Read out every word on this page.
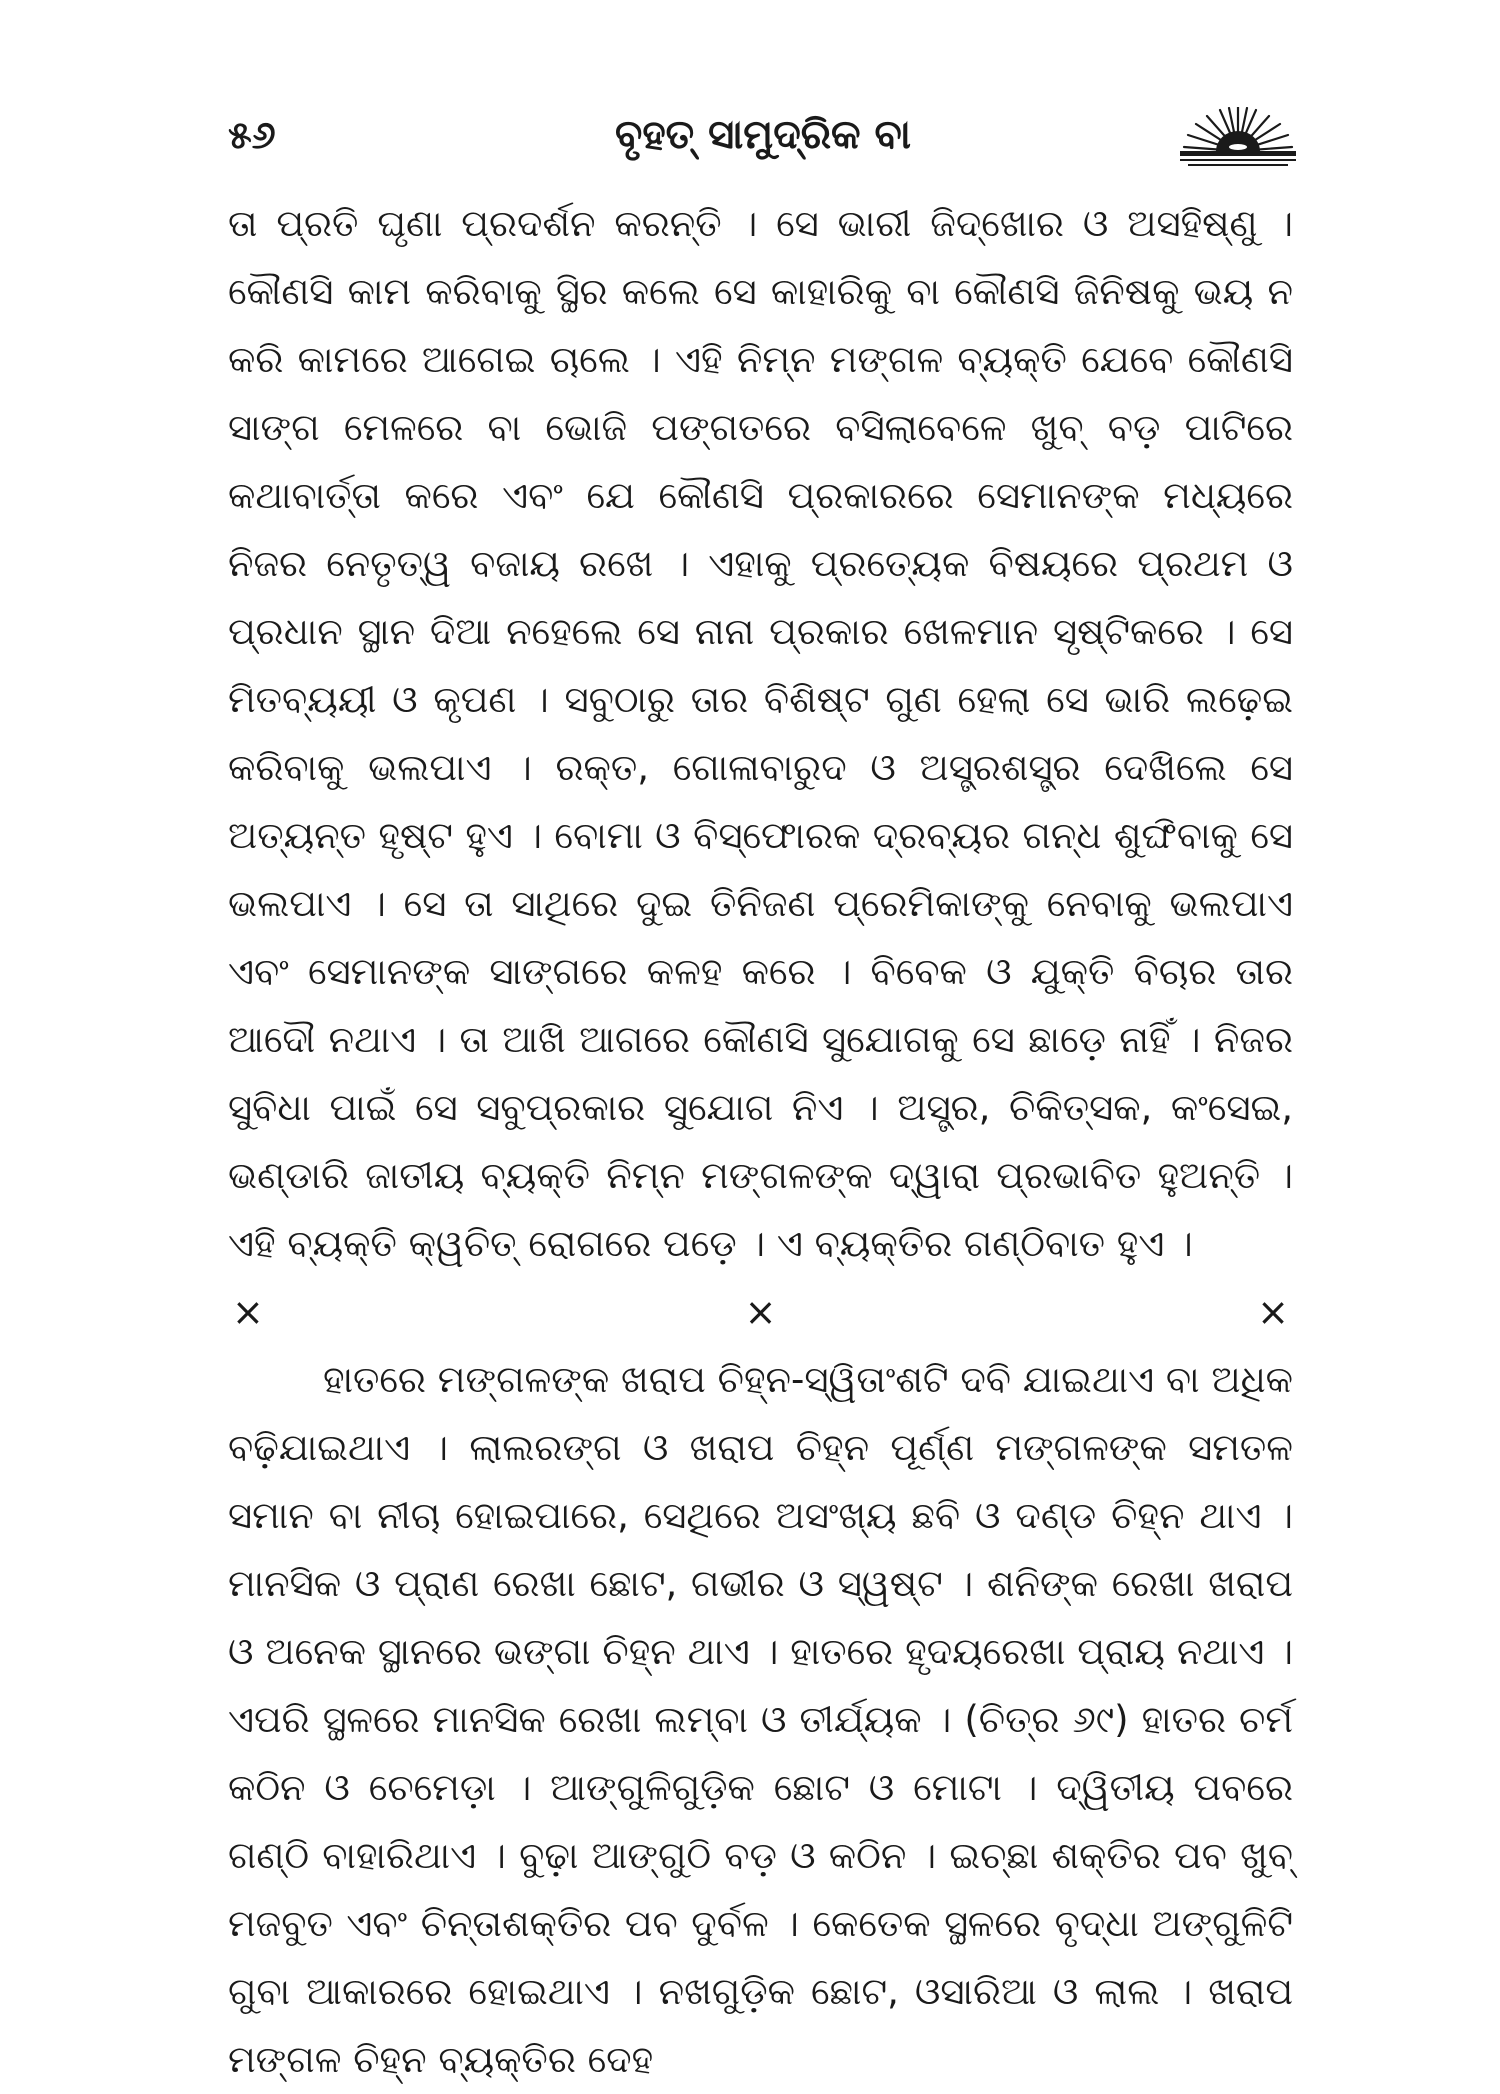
୫୬	ବୃହତ୍ ସାମୁଦ୍ରିକ ବା

ତା ପ୍ରତି ଘୃଣା ପ୍ରଦର୍ଶନ କରନ୍ତି । ସେ ଭାରୀ ଜିଦ୍‌ଖୋର ଓ ଅସହିଷ୍ଣୁ । କୌଣସି କାମ କରିବାକୁ ସ୍ଥିର କଲେ ସେ କାହାରିକୁ ବା କୌଣସି ଜିନିଷକୁ ଭୟ ନ କରି କାମରେ ଆଗେଇ ଚାଲେ । ଏହି ନିମ୍ନ ମଙ୍ଗଳ ବ୍ୟକ୍ତି ଯେବେ କୌଣସି ସାଙ୍ଗ ମେଳରେ ବା ଭୋଜି ପଙ୍ଗତରେ ବସିଲାବେଳେ ଖୁବ୍ ବଡ଼ ପାଟିରେ କଥାବାର୍ତ୍ତା କରେ ଏବଂ ଯେ କୌଣସି ପ୍ରକାରରେ ସେମାନଙ୍କ ମଧ୍ୟରେ ନିଜର ନେତୃତ୍ୱ ବଜାୟ ରଖେ । ଏହାକୁ ପ୍ରତ୍ୟେକ ବିଷୟରେ ପ୍ରଥମ ଓ ପ୍ରଧାନ ସ୍ଥାନ ଦିଆ ନହେଲେ ସେ ନାନା ପ୍ରକାର ଖେଳମାନ ସୃଷ୍ଟିକରେ । ସେ ମିତବ୍ୟୟୀ ଓ କୃପଣ । ସବୁଠାରୁ ତାର ବିଶିଷ୍ଟ ଗୁଣ ହେଲା ସେ ଭାରି ଲଢ଼େଇ କରିବାକୁ ଭଲପାଏ । ରକ୍ତ, ଗୋଳାବାରୁଦ ଓ ଅସ୍ତ୍ରଶସ୍ତ୍ର ଦେଖିଲେ ସେ ଅତ୍ୟନ୍ତ ହୃଷ୍ଟ ହୁଏ । ବୋମା ଓ ବିସ୍ଫୋରକ ଦ୍ରବ୍ୟର ଗନ୍ଧ ଶୁଙ୍ଘିବାକୁ ସେ ଭଲପାଏ । ସେ ତା ସାଥିରେ ଦୁଇ ତିନିଜଣ ପ୍ରେମିକାଙ୍କୁ ନେବାକୁ ଭଲପାଏ ଏବଂ ସେମାନଙ୍କ ସାଙ୍ଗରେ କଳହ କରେ । ବିବେକ ଓ ଯୁକ୍ତି ବିଚାର ତାର ଆଦୌ ନଥାଏ । ତା ଆଖି ଆଗରେ କୌଣସି ସୁଯୋଗକୁ ସେ ଛାଡ଼େ ନାହିଁ । ନିଜର ସୁବିଧା ପାଇଁ ସେ ସବୁପ୍ରକାର ସୁଯୋଗ ନିଏ । ଅସ୍ତ୍ର, ଚିକିତ୍ସକ, କଂସେଇ, ଭଣ୍ଡାରି ଜାତୀୟ ବ୍ୟକ୍ତି ନିମ୍ନ ମଙ୍ଗଳଙ୍କ ଦ୍ୱାରା ପ୍ରଭାବିତ ହୁଅନ୍ତି । ଏହି ବ୍ୟକ୍ତି କ୍ୱଚିତ୍ ରୋଗରେ ପଡ଼େ । ଏ ବ୍ୟକ୍ତିର ଗଣ୍ଠିବାତ ହୁଏ ।

×	×	×

ହାତରେ ମଙ୍ଗଳଙ୍କ ଖରାପ ଚିହ୍ନ-ସ୍ୱିତାଂଶଟି ଦବି ଯାଇଥାଏ ବା ଅଧିକ ବଢ଼ିଯାଇଥାଏ । ଲାଲରଙ୍ଗ ଓ ଖରାପ ଚିହ୍ନ ପୂର୍ଣ୍ଣ ମଙ୍ଗଳଙ୍କ ସମତଳ ସମାନ ବା ନୀଚା ହୋଇପାରେ, ସେଥିରେ ଅସଂଖ୍ୟ ଛବି ଓ ଦଣ୍ଡ ଚିହ୍ନ ଥାଏ । ମାନସିକ ଓ ପ୍ରାଣ ରେଖା ଛୋଟ, ଗଭୀର ଓ ସ୍ୱଷ୍ଟ । ଶନିଙ୍କ ରେଖା ଖରାପ ଓ ଅନେକ ସ୍ଥାନରେ ଭଙ୍ଗା ଚିହ୍ନ ଥାଏ । ହାତରେ ହୃଦୟରେଖା ପ୍ରାୟ ନଥାଏ । ଏପରି ସ୍ଥଳରେ ମାନସିକ ରେଖା ଲମ୍ବା ଓ ତୀର୍ଯ୍ୟକ । (ଚିତ୍ର ୬୯) ହାତର ଚର୍ମ କଠିନ ଓ ଚେମେଡ଼ା । ଆଙ୍ଗୁଳିଗୁଡ଼ିକ ଛୋଟ ଓ ମୋଟା । ଦ୍ୱିତୀୟ ପବରେ ଗଣ୍ଠି ବାହାରିଥାଏ । ବୁଢ଼ା ଆଙ୍ଗୁଠି ବଡ଼ ଓ କଠିନ । ଇଚ୍ଛା ଶକ୍ତିର ପବ ଖୁବ୍ ମଜବୁତ ଏବଂ ଚିନ୍ତାଶକ୍ତିର ପବ ଦୁର୍ବଳ । କେତେକ ସ୍ଥଳରେ ବୃଦ୍ଧା ଅଙ୍ଗୁଳିଟି ଗୁବା ଆକାରରେ ହୋଇଥାଏ । ନଖଗୁଡ଼ିକ ଛୋଟ, ଓସାରିଆ ଓ ଲାଲ । ଖରାପ ମଙ୍ଗଳ ଚିହ୍ନ ବ୍ୟକ୍ତିର ଦେହ
